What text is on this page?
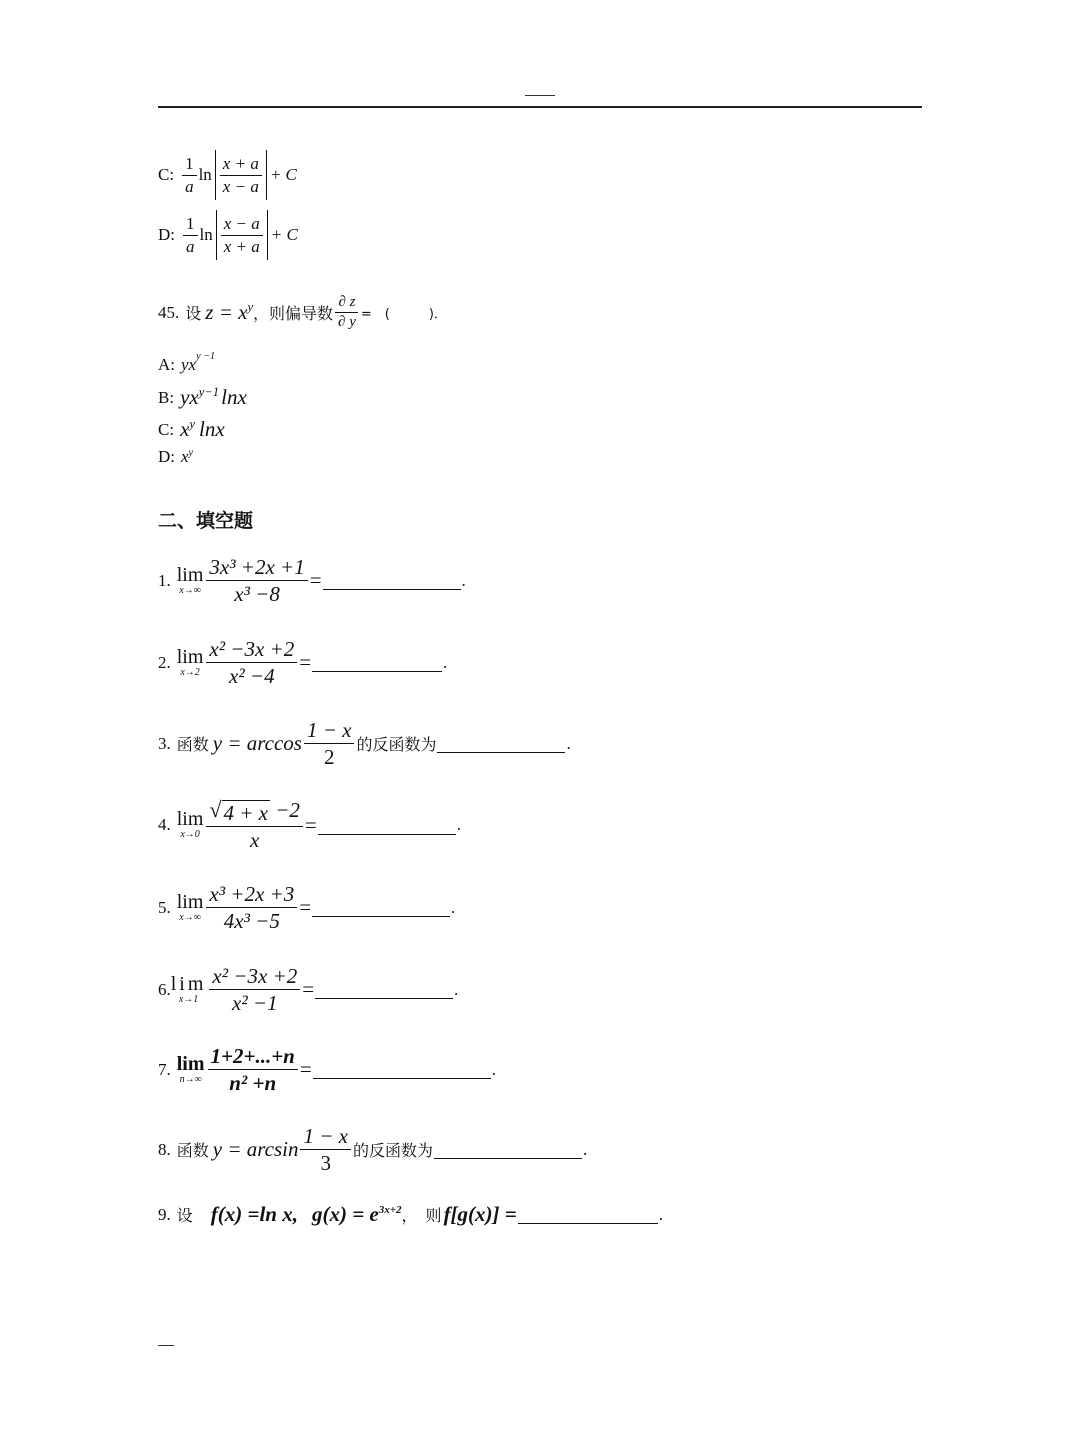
C: $\frac{1}{a}$ $\ln \frac{x + a}{x - a} + C$
D: $\frac{1}{a}$ $\ln \frac{x - a}{x + a} + C$
45. 设 $z = x^y$ ，则偏导数 $\frac{\partial z}{\partial y}$ =　(　　　)．
A: $yx^{y -1}$
B: $yx^{y-1}$ lnx
C: $x^y$ lnx
D: $x^y$
二、填空题
1. lim
$x\to\infty \frac{\text{3x³ +2x +1}}{\text{x³ −8}}$ =	.
2. lim
$x\to 2 \frac{\text{x² −3x +2}}{\text{x² −4}}$ =	.
3. 函数 $y = \arccos \frac{1 - x}{2}$ 的反函数为	.
4. lim
$x\to 0 \frac{√ 4 + x -2}{x}$ =	.
5. lim
$x\to\infty \frac{\text{x³ +2x +3}}{\text{4x³ −5}}$ =	.
6. lim
$x\to 1 \frac{\text{x² −3x +2}}{\text{x² −1}}$ =	.
7. lim
$n\to\infty \frac{1+2+...+n}{\text{n² +n}}$ =	.
8. 函数 $y = \arcsin \frac{1 - x}{3}$ 的反函数为	.
9. 设 f(x) =ln x, $g(x) = e^{3x+2}$ ，　则 f[g(x)] =	.
